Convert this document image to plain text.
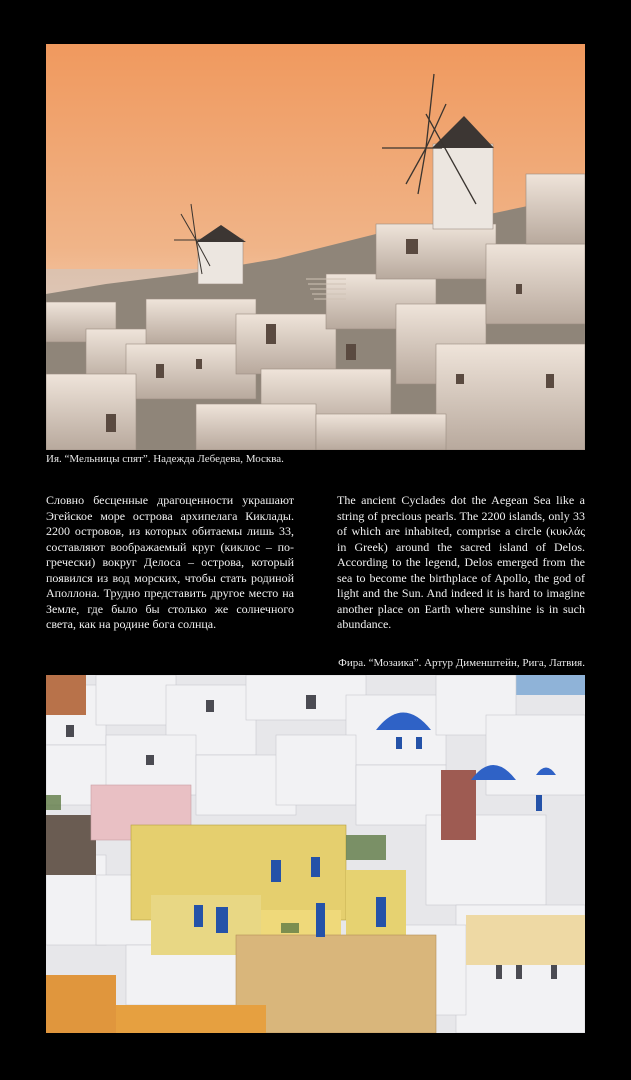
Ия. “Мельницы спят”. Надежда Лебедева, Москва.
Словно бесценные драгоценности украшают Эгейское море острова архипелага Киклады. 2200 островов, из которых обитаемы лишь 33, составляют воображаемый круг (киклос – по-гречески) вокруг Делоса – острова, который появился из вод морских, чтобы стать родиной Аполлона. Трудно представить другое место на Земле, где было бы столько же солнечного света, как на родине бога солнца.
The ancient Cyclades dot the Aegean Sea like a string of precious pearls. The 2200 islands, only 33 of which are inhabited, comprise a circle (κυκλάς in Greek) around the sacred island of Delos. According to the legend, Delos emerged from the sea to become the birthplace of Apollo, the god of light and the Sun. And indeed it is hard to imagine another place on Earth where sunshine is in such abundance.
Фира. “Мозаика”. Артур Дименштейн, Рига, Латвия.
